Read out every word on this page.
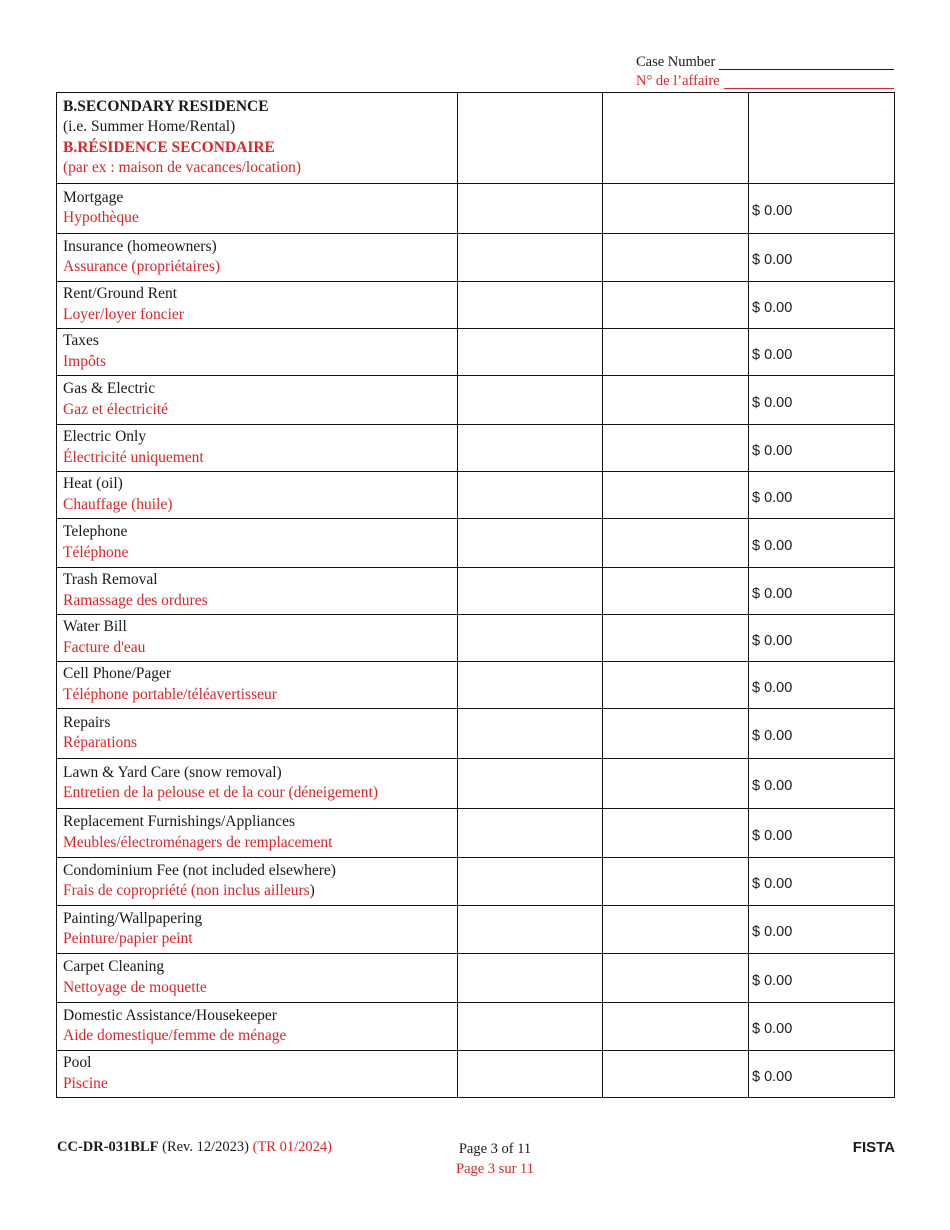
Case Number
N° de l’affaire
B.SECONDARY RESIDENCE
(i.e. Summer Home/Rental)
B.RÉSIDENCE SECONDAIRE
(par ex : maison de vacances/location)			

Mortgage
Hypothèque			$ 0.00

Insurance (homeowners)
Assurance (propriétaires)			$ 0.00

Rent/Ground Rent
Loyer/loyer foncier			$ 0.00

Taxes
Impôts			$ 0.00

Gas & Electric
Gaz et électricité			$ 0.00

Electric Only
Électricité uniquement			$ 0.00

Heat (oil)
Chauffage (huile)			$ 0.00

Telephone
Téléphone			$ 0.00

Trash Removal
Ramassage des ordures			$ 0.00

Water Bill
Facture d'eau			$ 0.00

Cell Phone/Pager
Téléphone portable/téléavertisseur			$ 0.00

Repairs
Réparations			$ 0.00

Lawn & Yard Care (snow removal)
Entretien de la pelouse et de la cour (déneigement)			$ 0.00

Replacement Furnishings/Appliances
Meubles/électroménagers de remplacement			$ 0.00

Condominium Fee (not included elsewhere)
Frais de copropriété (non inclus ailleurs)			$ 0.00

Painting/Wallpapering
Peinture/papier peint			$ 0.00

Carpet Cleaning
Nettoyage de moquette			$ 0.00

Domestic Assistance/Housekeeper
Aide domestique/femme de ménage			$ 0.00

Pool
Piscine			$ 0.00
CC-DR-031BLF (Rev. 12/2023) (TR 01/2024)	Page 3 of 11
Page 3 sur 11
FISTA
